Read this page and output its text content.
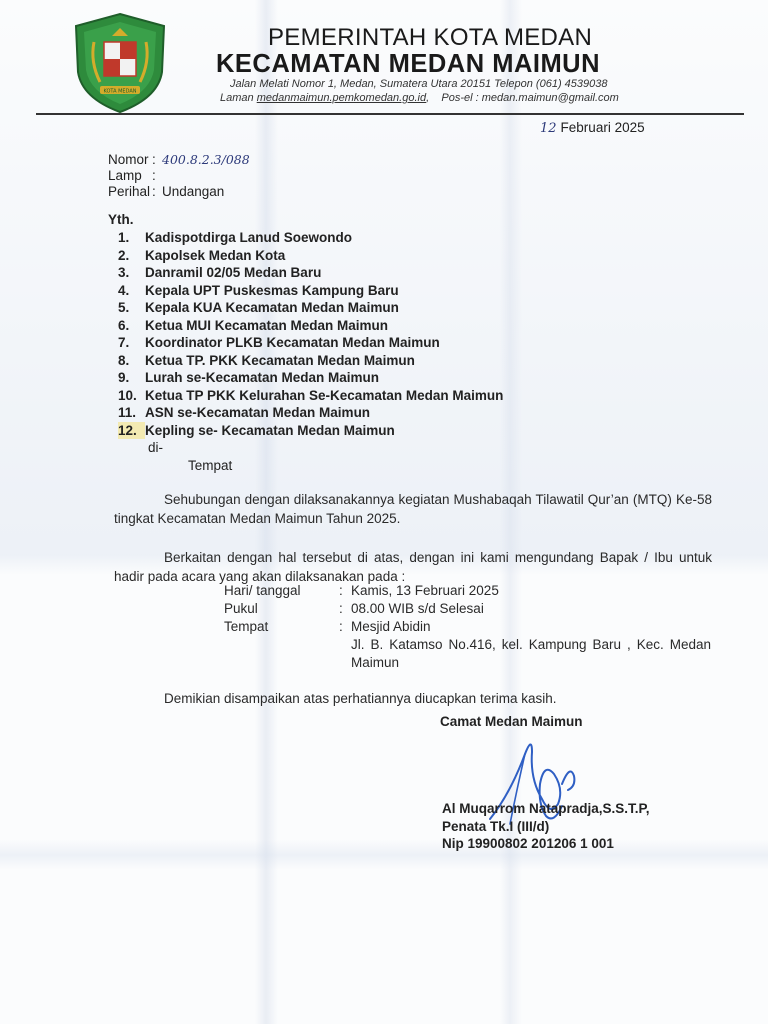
KOTA MEDAN
PEMERINTAH KOTA MEDAN
KECAMATAN MEDAN MAIMUN
Jalan Melati Nomor 1, Medan, Sumatera Utara 20151 Telepon (061) 4539038
Laman medanmaimun.pemkomedan.go.id, Pos-el : medan.maimun@gmail.com
12 Februari 2025
Nomor	:	400.8.2.3/088
Lamp	:	
Perihal	:	Undangan
Yth.
1. Kadispotdirga Lanud Soewondo
2. Kapolsek Medan Kota
3. Danramil 02/05 Medan Baru
4. Kepala UPT Puskesmas Kampung Baru
5. Kepala KUA Kecamatan Medan Maimun
6. Ketua MUI Kecamatan Medan Maimun
7. Koordinator PLKB Kecamatan Medan Maimun
8. Ketua TP. PKK Kecamatan Medan Maimun
9. Lurah se-Kecamatan Medan Maimun
10. Ketua TP PKK Kelurahan Se-Kecamatan Medan Maimun
11. ASN se-Kecamatan Medan Maimun
12. Kepling se- Kecamatan Medan Maimun
di-
Tempat
Sehubungan dengan dilaksanakannya kegiatan Mushabaqah Tilawatil Qur’an (MTQ) Ke-58 tingkat Kecamatan Medan Maimun Tahun 2025.
Berkaitan dengan hal tersebut di atas, dengan ini kami mengundang Bapak / Ibu untuk hadir pada acara yang akan dilaksanakan pada :
Hari/ tanggal	:	Kamis, 13 Februari 2025
Pukul	:	08.00 WIB s/d Selesai
Tempat	:	Mesjid Abidin
		Jl. B. Katamso No.416, kel. Kampung Baru , Kec. Medan Maimun
Demikian disampaikan atas perhatiannya diucapkan terima kasih.
Camat Medan Maimun
Al Muqarrom Natapradja,S.S.T.P,
Penata Tk.I (III/d)
Nip 19900802 201206 1 001
